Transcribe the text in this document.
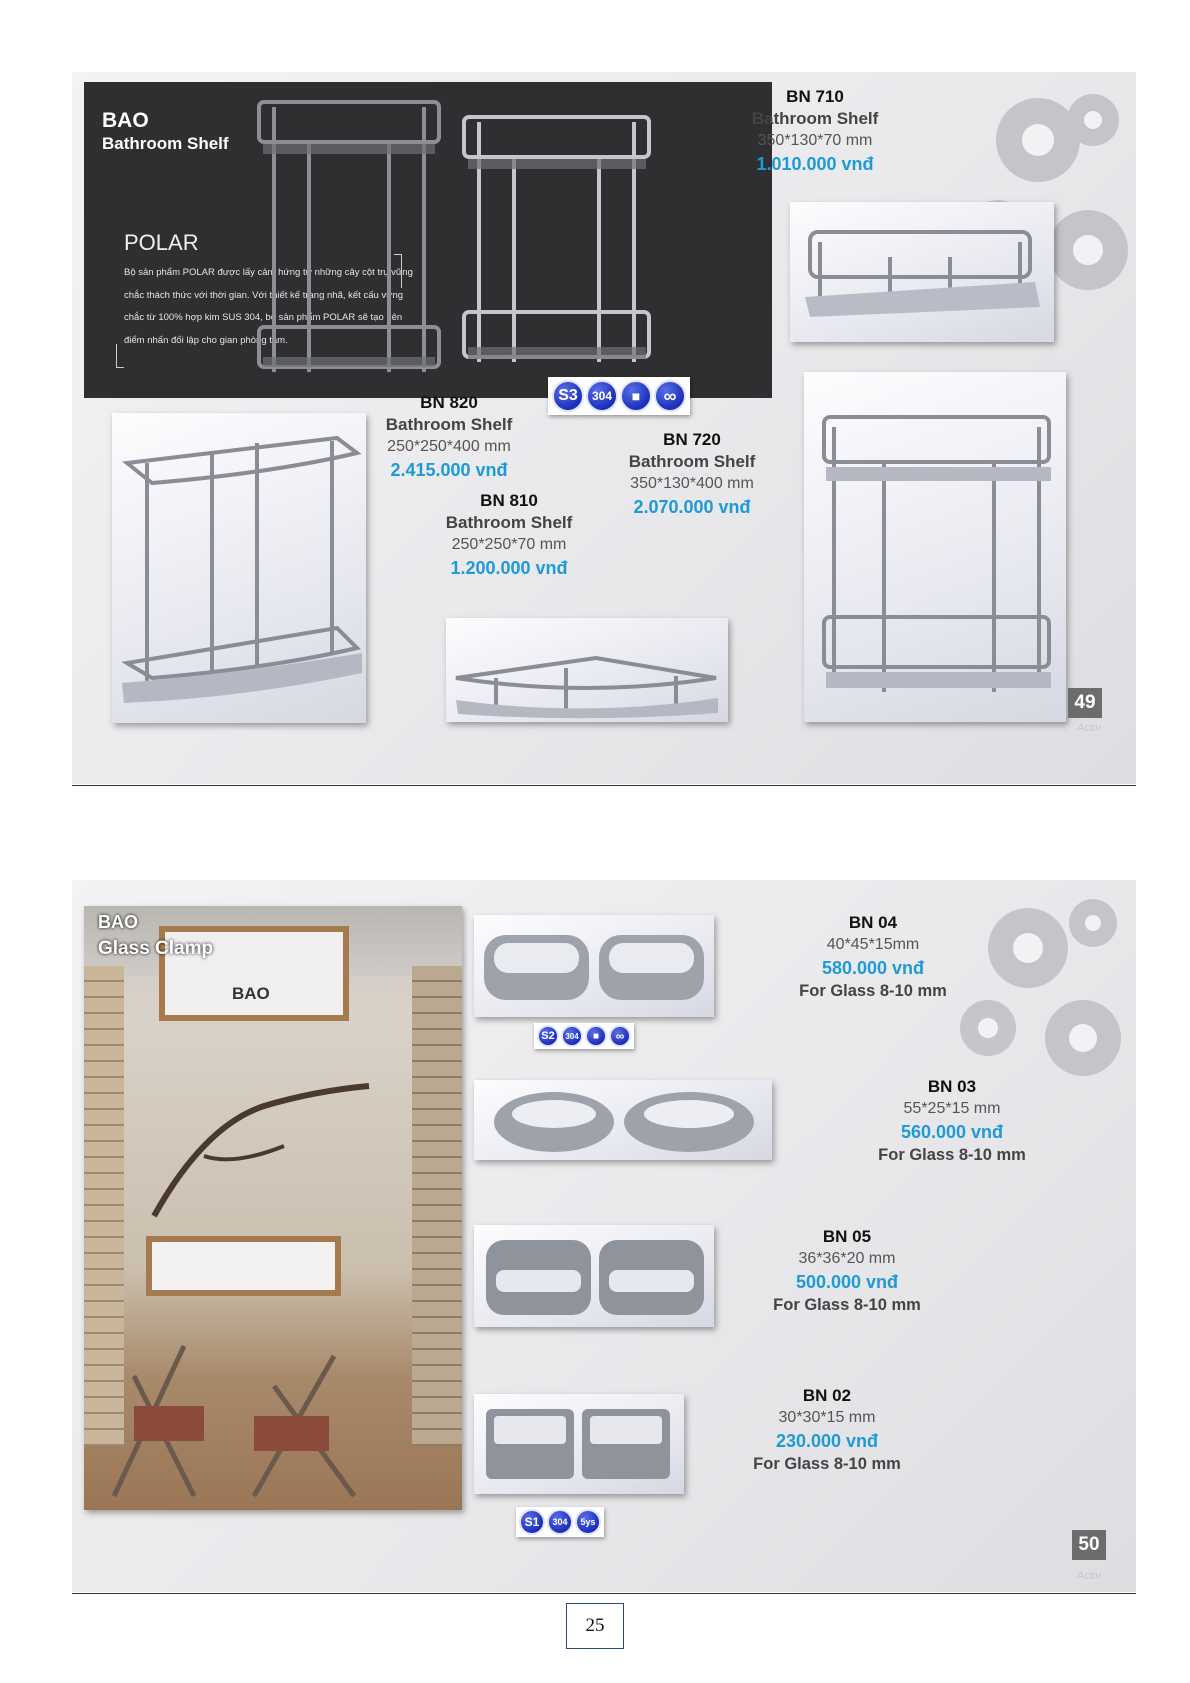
BAO
Bathroom Shelf
POLAR
Bộ sản phẩm POLAR được lấy cảm hứng từ những cây cột trụ vững chắc thách thức với thời gian. Với thiết kế trang nhã, kết cấu vững chắc từ 100% hợp kim SUS 304, bộ sản phẩm POLAR sẽ tạo nên điểm nhấn đối lập cho gian phòng tắm.
BN 710
Bathroom Shelf
350*130*70 mm
1.010.000 vnđ
BN 820
Bathroom Shelf
250*250*400 mm
2.415.000 vnđ
S3	304	■	∞
BN 720
Bathroom Shelf
350*130*400 mm
2.070.000 vnđ
BN 810
Bathroom Shelf
250*250*70 mm
1.200.000 vnđ
49
Activ
BAO
BAO
Glass Clamp
S2	304	■	∞
BN 04
40*45*15mm
580.000 vnđ
For Glass 8-10 mm
BN 03
55*25*15 mm
560.000 vnđ
For Glass 8-10 mm
BN 05
36*36*20 mm
500.000 vnđ
For Glass 8-10 mm
S1	304	5ys
BN 02
30*30*15 mm
230.000 vnđ
For Glass 8-10 mm
50
Activ
25
